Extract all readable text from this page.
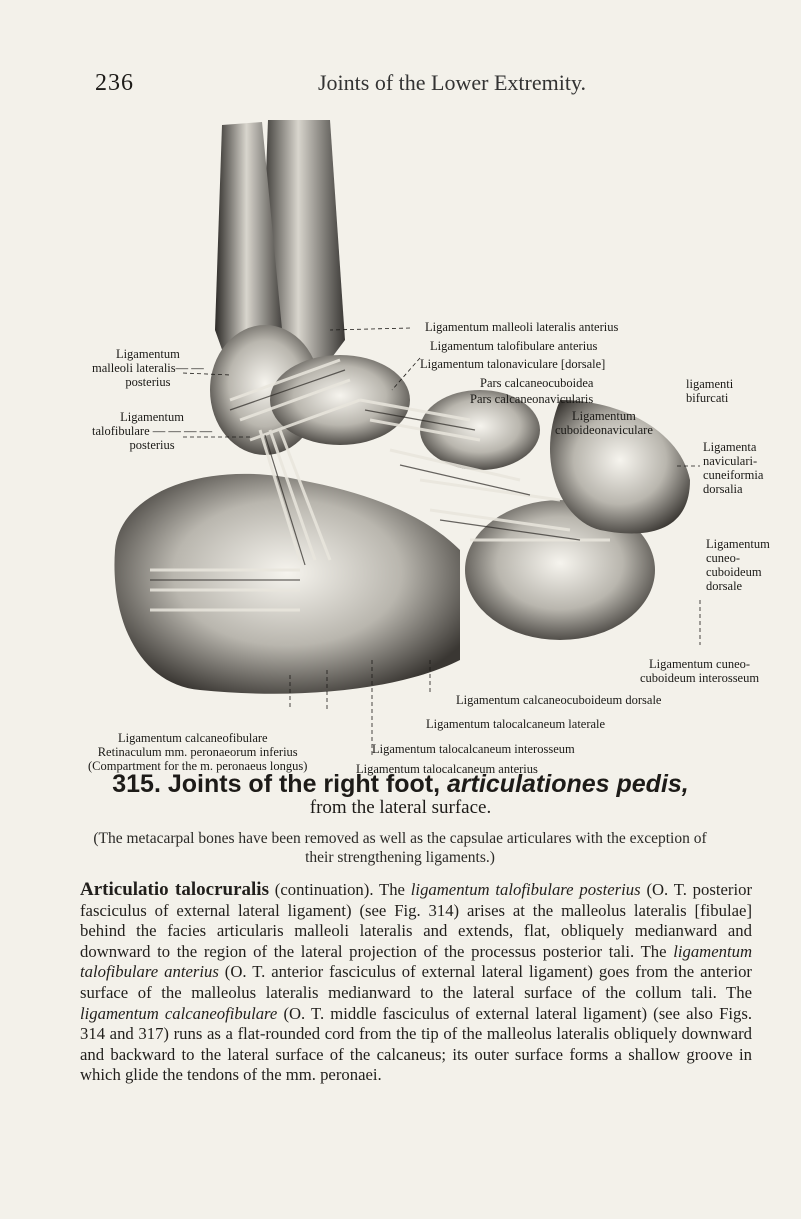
236	Joints of the Lower Extremity.
Ligamentum
malleoli lateralis— —
posterius
Ligamentum
talofibulare — — — —
posterius
Ligamentum malleoli lateralis anterius
Ligamentum talofibulare anterius
Ligamentum talonaviculare [dorsale]
Pars calcaneocuboidea
Pars calcaneonavicularis
ligamenti
bifurcati
Ligamentum
cuboideonaviculare
Ligamenta
naviculari-
cuneiformia
dorsalia
Ligamentum
cuneo-
cuboideum
dorsale
Ligamentum cuneo-
cuboideum interosseum
Ligamentum calcaneocuboideum dorsale
Ligamentum talocalcaneum laterale
Ligamentum calcaneofibulare
Retinaculum mm. peronaeorum inferius
(Compartment for the m. peronaeus longus)
Ligamentum talocalcaneum interosseum
Ligamentum talocalcaneum anterius
315. Joints of the right foot, articulationes pedis,
from the lateral surface.
(The metacarpal bones have been removed as well as the capsulae articulares with the exception of their strengthening ligaments.)
Articulatio talocruralis (continuation). The ligamentum talofibulare posterius (O. T. posterior fasciculus of external lateral ligament) (see Fig. 314) arises at the malleolus lateralis [fibulae] behind the facies articularis malleoli lateralis and extends, flat, obliquely medianward and downward to the region of the lateral projection of the processus posterior tali. The ligamentum talofibulare anterius (O. T. anterior fasciculus of external lateral ligament) goes from the anterior surface of the malleolus lateralis medianward to the lateral surface of the collum tali. The ligamentum calcaneofibulare (O. T. middle fasciculus of external lateral ligament) (see also Figs. 314 and 317) runs as a flat-rounded cord from the tip of the malleolus lateralis obliquely downward and backward to the lateral surface of the calcaneus; its outer surface forms a shallow groove in which glide the tendons of the mm. peronaei.
